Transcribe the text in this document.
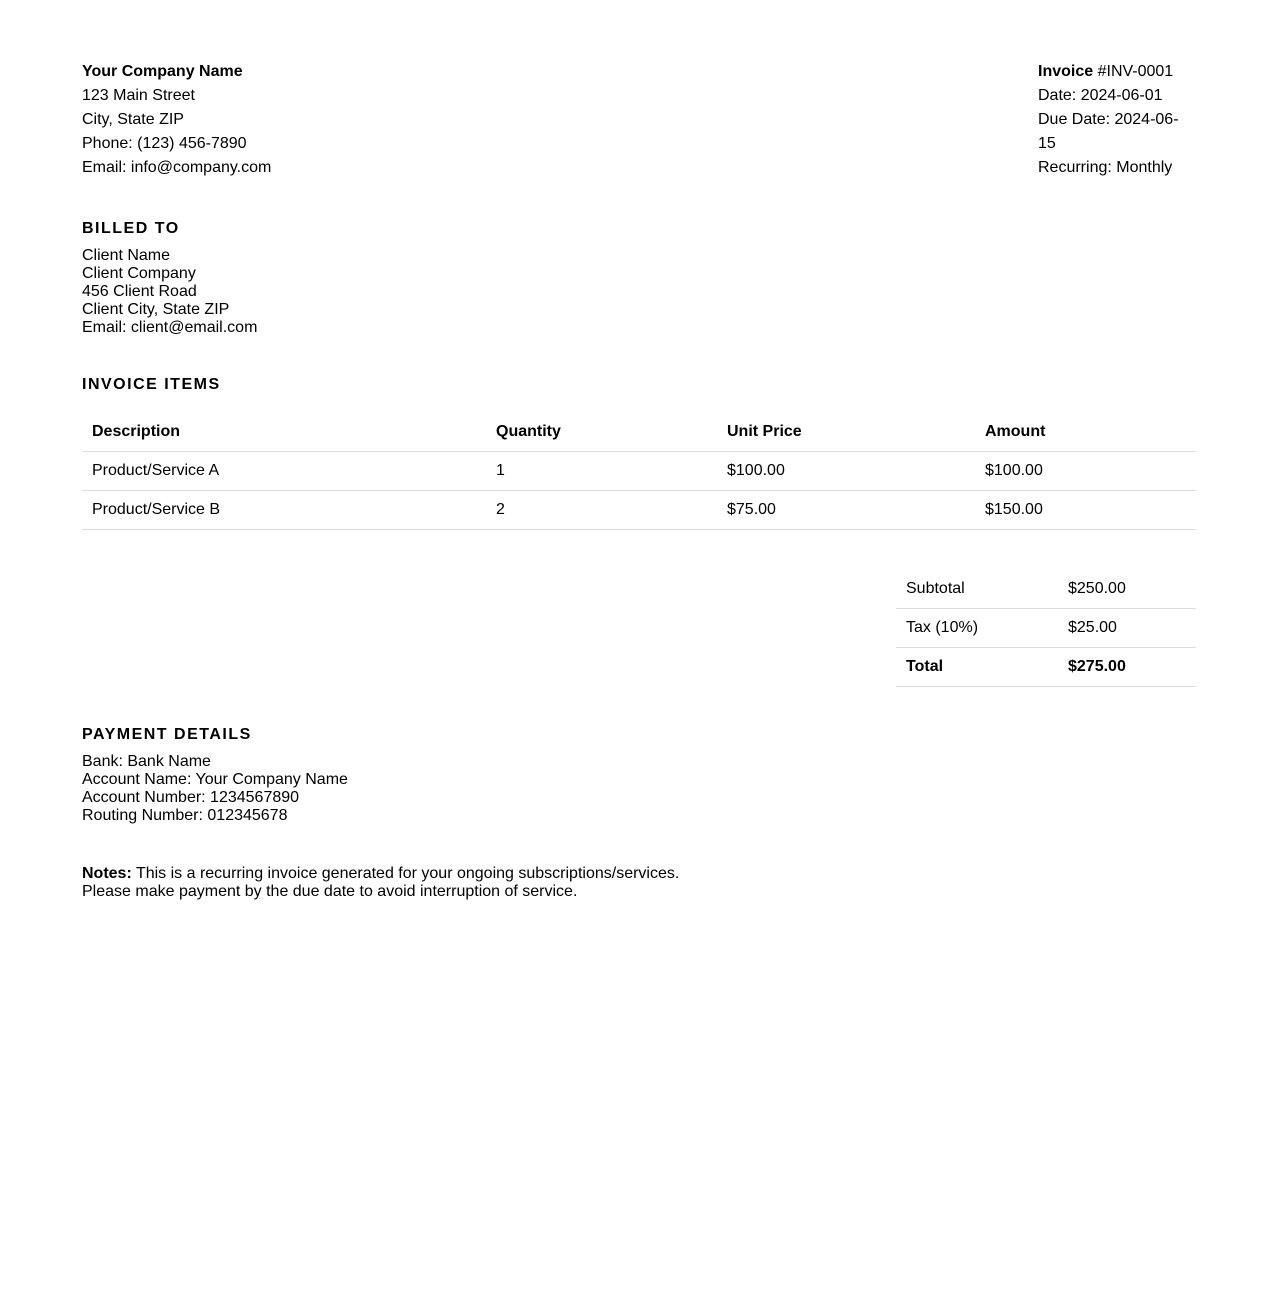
Your Company Name
123 Main Street
City, State ZIP
Phone: (123) 456-7890
Email: info@company.com
Invoice #INV-0001
Date: 2024-06-01
Due Date: 2024-06-15
Recurring: Monthly
BILLED TO
Client Name
Client Company
456 Client Road
Client City, State ZIP
Email: client@email.com
INVOICE ITEMS
Description	Quantity	Unit Price	Amount
Product/Service A	1	$100.00	$100.00
Product/Service B	2	$75.00	$150.00
Subtotal	$250.00
Tax (10%)	$25.00
Total	$275.00
PAYMENT DETAILS
Bank: Bank Name
Account Name: Your Company Name
Account Number: 1234567890
Routing Number: 012345678
Notes: This is a recurring invoice generated for your ongoing subscriptions/services.
Please make payment by the due date to avoid interruption of service.
